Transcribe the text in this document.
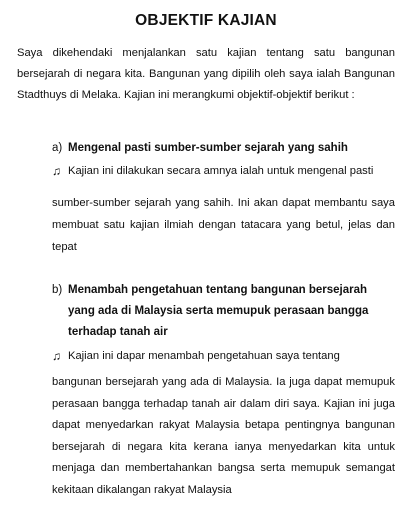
OBJEKTIF KAJIAN

Saya dikehendaki menjalankan satu kajian tentang satu bangunan bersejarah di negara kita. Bangunan yang dipilih oleh saya ialah Bangunan Stadthuys di Melaka. Kajian ini merangkumi objektif-objektif berikut :

a) Mengenal pasti sumber-sumber sejarah yang sahih
♫ Kajian ini dilakukan secara amnya ialah untuk mengenal pasti
sumber-sumber sejarah yang sahih. Ini akan dapat membantu saya membuat satu kajian ilmiah dengan tatacara yang betul, jelas dan tepat
b) Menambah pengetahuan tentang bangunan bersejarah yang ada di Malaysia serta memupuk perasaan bangga terhadap tanah air
♫ Kajian ini dapar menambah pengetahuan saya tentang
bangunan bersejarah yang ada di Malaysia. Ia juga dapat memupuk perasaan bangga terhadap tanah air dalam diri saya. Kajian ini juga dapat menyedarkan rakyat Malaysia betapa pentingnya bangunan bersejarah di negara kita kerana ianya menyedarkan kita untuk menjaga dan membertahankan bangsa serta memupuk semangat kekitaan dikalangan rakyat Malaysia
